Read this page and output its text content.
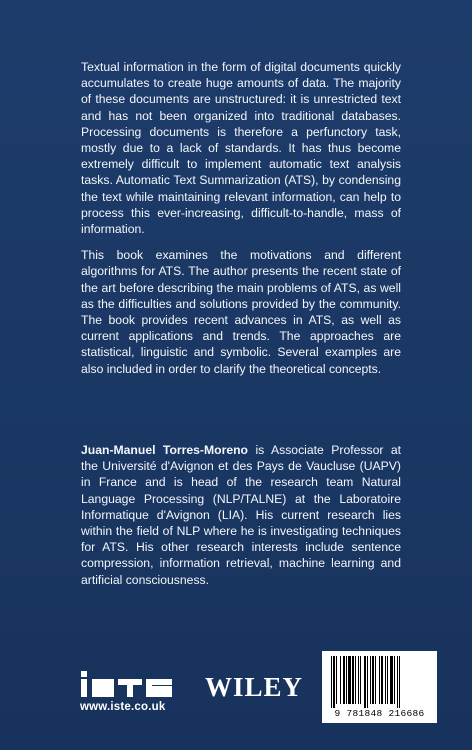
Textual information in the form of digital documents quickly accumulates to create huge amounts of data. The majority of these documents are unstructured: it is unrestricted text and has not been organized into traditional databases. Processing documents is therefore a perfunctory task, mostly due to a lack of standards. It has thus become extremely difficult to implement automatic text analysis tasks. Automatic Text Summarization (ATS), by condensing the text while maintaining relevant information, can help to process this ever-increasing, difficult-to-handle, mass of information.

This book examines the motivations and different algorithms for ATS. The author presents the recent state of the art before describing the main problems of ATS, as well as the difficulties and solutions provided by the community. The book provides recent advances in ATS, as well as current applications and trends. The approaches are statistical, linguistic and symbolic. Several examples are also included in order to clarify the theoretical concepts.

Juan-Manuel Torres-Moreno is Associate Professor at the Université d'Avignon et des Pays de Vaucluse (UAPV) in France and is head of the research team Natural Language Processing (NLP/TALNE) at the Laboratoire Informatique d'Avignon (LIA). His current research lies within the field of NLP where he is investigating techniques for ATS. His other research interests include sentence compression, information retrieval, machine learning and artificial consciousness.
iSTE
www.iste.co.uk
WILEY
9 781848 216686
